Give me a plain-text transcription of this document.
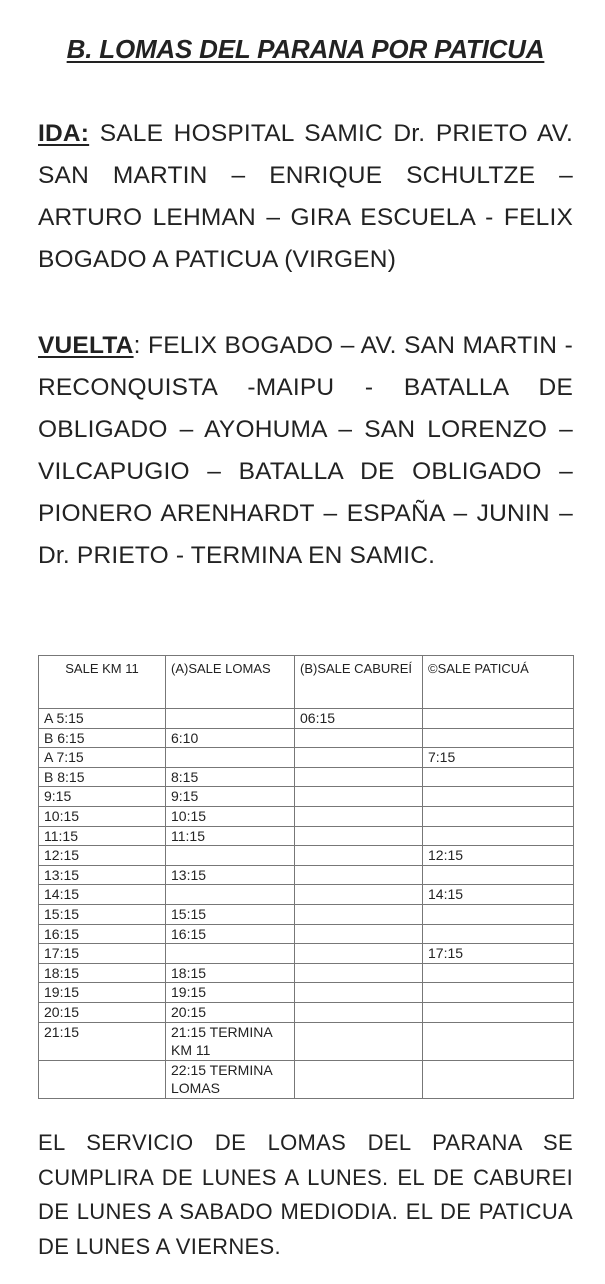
B. LOMAS DEL PARANA POR PATICUA
IDA: SALE HOSPITAL SAMIC Dr. PRIETO AV. SAN MARTIN – ENRIQUE SCHULTZE – ARTURO LEHMAN – GIRA ESCUELA - FELIX BOGADO A PATICUA (VIRGEN)
VUELTA: FELIX BOGADO – AV. SAN MARTIN - RECONQUISTA -MAIPU - BATALLA DE OBLIGADO – AYOHUMA – SAN LORENZO – VILCAPUGIO – BATALLA DE OBLIGADO – PIONERO ARENHARDT – ESPAÑA – JUNIN – Dr. PRIETO - TERMINA EN SAMIC.
SALE KM 11	(A)SALE LOMAS	(B)SALE CABUREÍ	©SALE PATICUÁ
A 5:15		06:15	
B 6:15	6:10		
A 7:15			7:15
B 8:15	8:15		
9:15	9:15		
10:15	10:15		
11:15	11:15		
12:15			12:15
13:15	13:15		
14:15			14:15
15:15	15:15		
16:15	16:15		
17:15			17:15
18:15	18:15		
19:15	19:15		
20:15	20:15		
21:15	21:15 TERMINA KM 11		
	22:15 TERMINA LOMAS		
EL SERVICIO DE LOMAS DEL PARANA SE CUMPLIRA DE LUNES A LUNES. EL DE CABUREI DE LUNES A SABADO MEDIODIA. EL DE PATICUA DE LUNES A VIERNES.
